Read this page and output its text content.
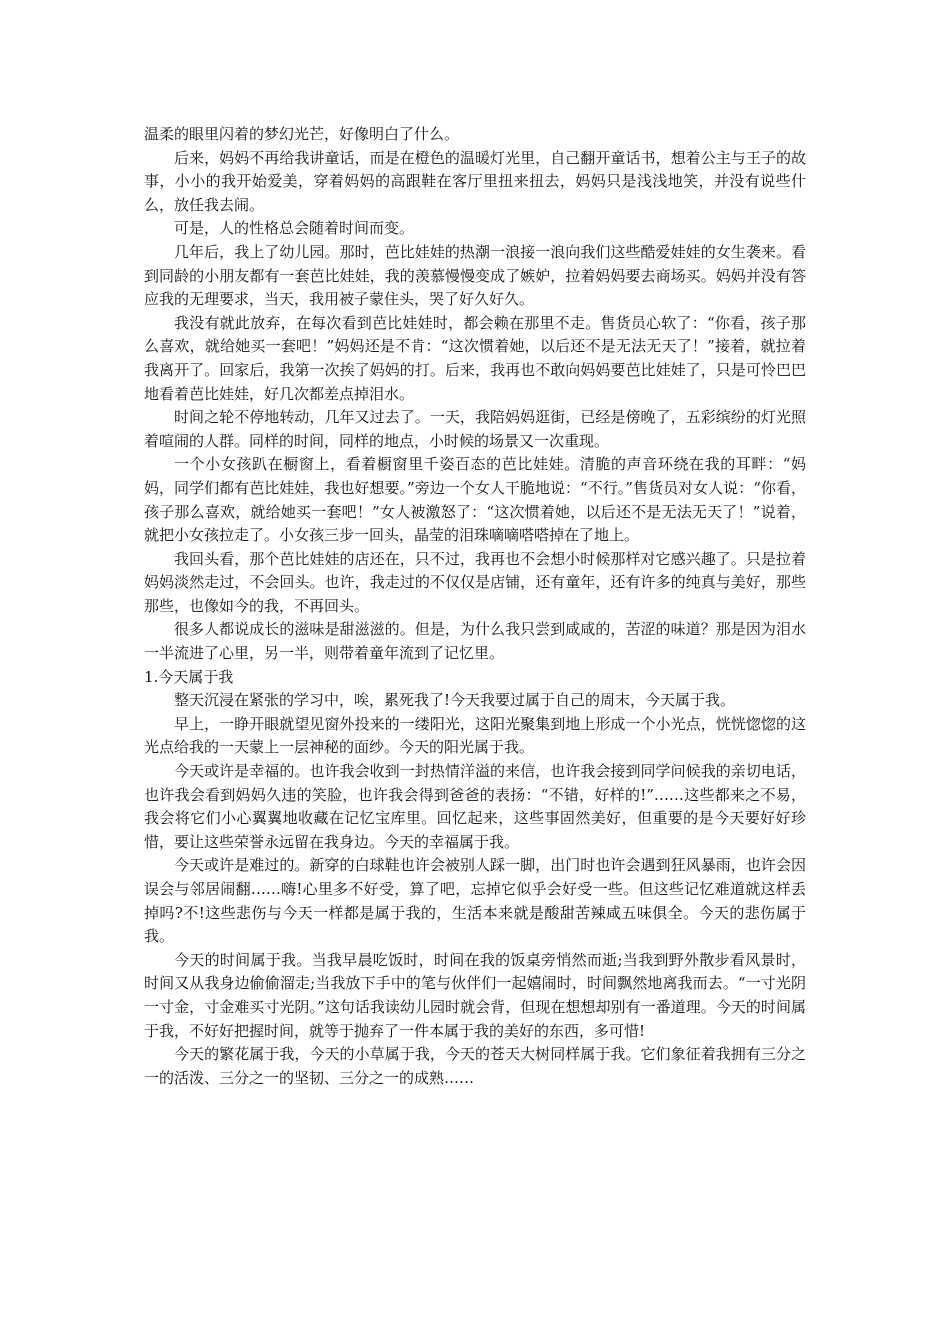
温柔的眼里闪着的梦幻光芒，好像明白了什么。

后来，妈妈不再给我讲童话，而是在橙色的温暖灯光里，自己翻开童话书，想着公主与王子的故事，小小的我开始爱美，穿着妈妈的高跟鞋在客厅里扭来扭去，妈妈只是浅浅地笑，并没有说些什么，放任我去闹。

可是，人的性格总会随着时间而变。

几年后，我上了幼儿园。那时，芭比娃娃的热潮一浪接一浪向我们这些酷爱娃娃的女生袭来。看到同龄的小朋友都有一套芭比娃娃，我的羡慕慢慢变成了嫉妒，拉着妈妈要去商场买。妈妈并没有答应我的无理要求，当天，我用被子蒙住头，哭了好久好久。

我没有就此放弃，在每次看到芭比娃娃时，都会赖在那里不走。售货员心软了：“你看，孩子那么喜欢，就给她买一套吧！”妈妈还是不肯：“这次惯着她，以后还不是无法无天了！”接着，就拉着我离开了。回家后，我第一次挨了妈妈的打。后来，我再也不敢向妈妈要芭比娃娃了，只是可怜巴巴地看着芭比娃娃，好几次都差点掉泪水。

时间之轮不停地转动，几年又过去了。一天，我陪妈妈逛街，已经是傍晚了，五彩缤纷的灯光照着喧闹的人群。同样的时间，同样的地点，小时候的场景又一次重现。

一个小女孩趴在橱窗上，看着橱窗里千姿百态的芭比娃娃。清脆的声音环绕在我的耳畔：“妈妈，同学们都有芭比娃娃，我也好想要。”旁边一个女人干脆地说：“不行。”售货员对女人说：“你看，孩子那么喜欢，就给她买一套吧！”女人被激怒了：“这次惯着她，以后还不是无法无天了！”说着，就把小女孩拉走了。小女孩三步一回头，晶莹的泪珠嘀嘀嗒嗒掉在了地上。

我回头看，那个芭比娃娃的店还在，只不过，我再也不会想小时候那样对它感兴趣了。只是拉着妈妈淡然走过，不会回头。也许，我走过的不仅仅是店铺，还有童年，还有许多的纯真与美好，那些那些，也像如今的我，不再回头。

很多人都说成长的滋味是甜滋滋的。但是，为什么我只尝到咸咸的，苦涩的味道？那是因为泪水一半流进了心里，另一半，则带着童年流到了记忆里。

1.今天属于我

整天沉浸在紧张的学习中，唉，累死我了!今天我要过属于自己的周末，今天属于我。

早上，一睁开眼就望见窗外投来的一缕阳光，这阳光聚集到地上形成一个小光点，恍恍惚惚的这光点给我的一天蒙上一层神秘的面纱。今天的阳光属于我。

今天或许是幸福的。也许我会收到一封热情洋溢的来信，也许我会接到同学问候我的亲切电话，也许我会看到妈妈久违的笑脸，也许我会得到爸爸的表扬：“不错，好样的!”……这些都来之不易，我会将它们小心翼翼地收藏在记忆宝库里。回忆起来，这些事固然美好，但重要的是今天要好好珍惜，要让这些荣誉永远留在我身边。今天的幸福属于我。

今天或许是难过的。新穿的白球鞋也许会被别人踩一脚，出门时也许会遇到狂风暴雨，也许会因误会与邻居闹翻……嗨!心里多不好受，算了吧，忘掉它似乎会好受一些。但这些记忆难道就这样丢掉吗?不!这些悲伤与今天一样都是属于我的，生活本来就是酸甜苦辣咸五味俱全。今天的悲伤属于我。

今天的时间属于我。当我早晨吃饭时，时间在我的饭桌旁悄然而逝;当我到野外散步看风景时，时间又从我身边偷偷溜走;当我放下手中的笔与伙伴们一起嬉闹时，时间飘然地离我而去。“一寸光阴一寸金，寸金难买寸光阴。”这句话我读幼儿园时就会背，但现在想想却别有一番道理。今天的时间属于我，不好好把握时间，就等于抛弃了一件本属于我的美好的东西，多可惜!

今天的繁花属于我，今天的小草属于我，今天的苍天大树同样属于我。它们象征着我拥有三分之一的活泼、三分之一的坚韧、三分之一的成熟……
